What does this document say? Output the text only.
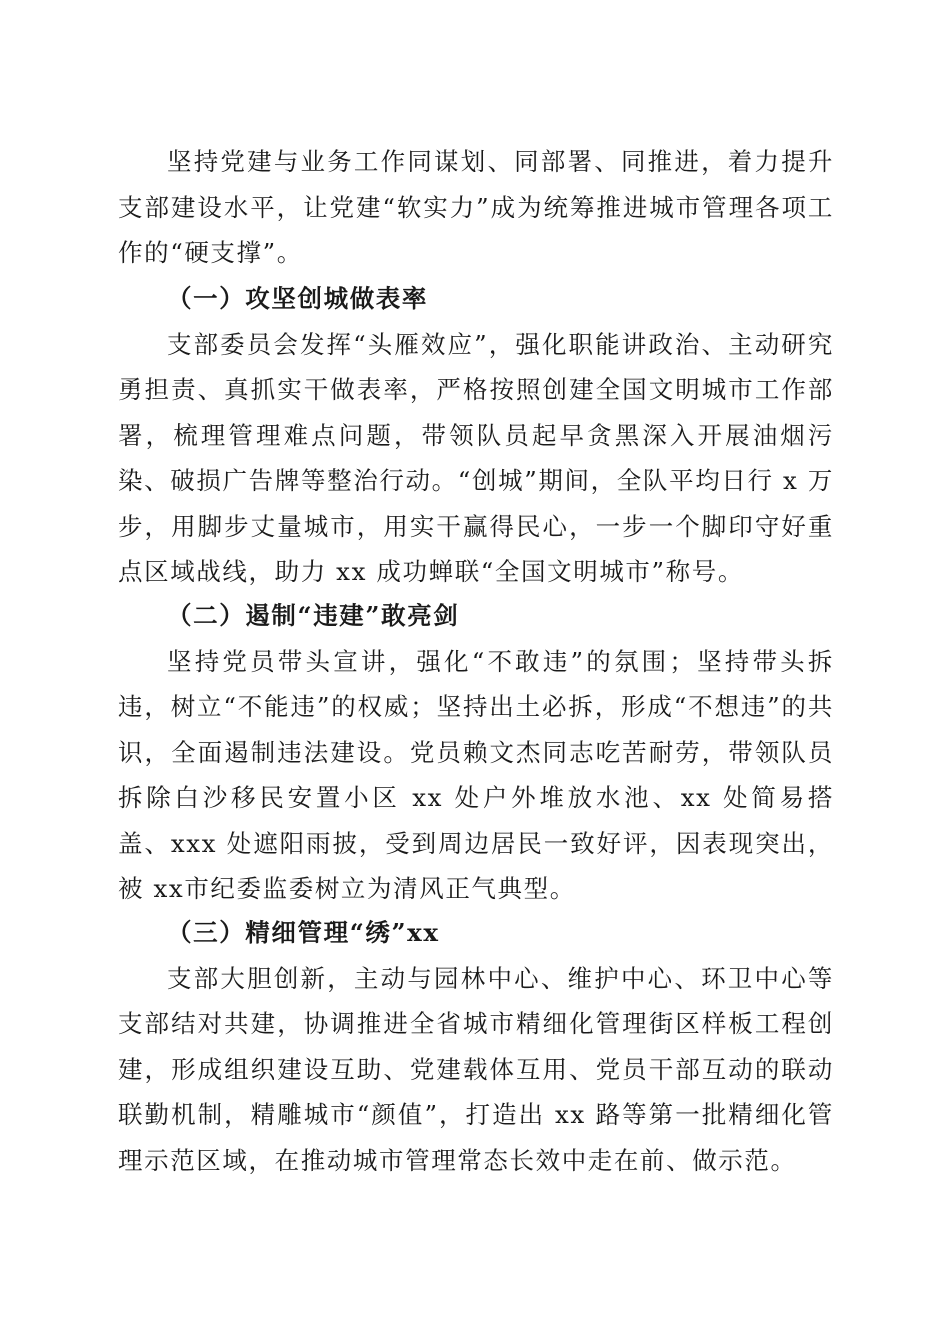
坚持党建与业务工作同谋划、同部署、同推进，着力提升支部建设水平，让党建“软实力”成为统筹推进城市管理各项工作的“硬支撑”。
（一）攻坚创城做表率
支部委员会发挥“头雁效应”，强化职能讲政治、主动研究勇担责、真抓实干做表率，严格按照创建全国文明城市工作部署，梳理管理难点问题，带领队员起早贪黑深入开展油烟污染、破损广告牌等整治行动。“创城”期间，全队平均日行 x 万步，用脚步丈量城市，用实干赢得民心，一步一个脚印守好重点区域战线，助力 xx 成功蝉联“全国文明城市”称号。
（二）遏制“违建”敢亮剑
坚持党员带头宣讲，强化“不敢违”的氛围；坚持带头拆违，树立“不能违”的权威；坚持出土必拆，形成“不想违”的共识，全面遏制违法建设。党员赖文杰同志吃苦耐劳，带领队员拆除白沙移民安置小区 xx 处户外堆放水池、xx 处简易搭盖、xxx 处遮阳雨披，受到周边居民一致好评，因表现突出，被 xx市纪委监委树立为清风正气典型。
（三）精细管理“绣”xx
支部大胆创新，主动与园林中心、维护中心、环卫中心等支部结对共建，协调推进全省城市精细化管理街区样板工程创建，形成组织建设互助、党建载体互用、党员干部互动的联动联勤机制，精雕城市“颜值”，打造出 xx 路等第一批精细化管理示范区域，在推动城市管理常态长效中走在前、做示范。
